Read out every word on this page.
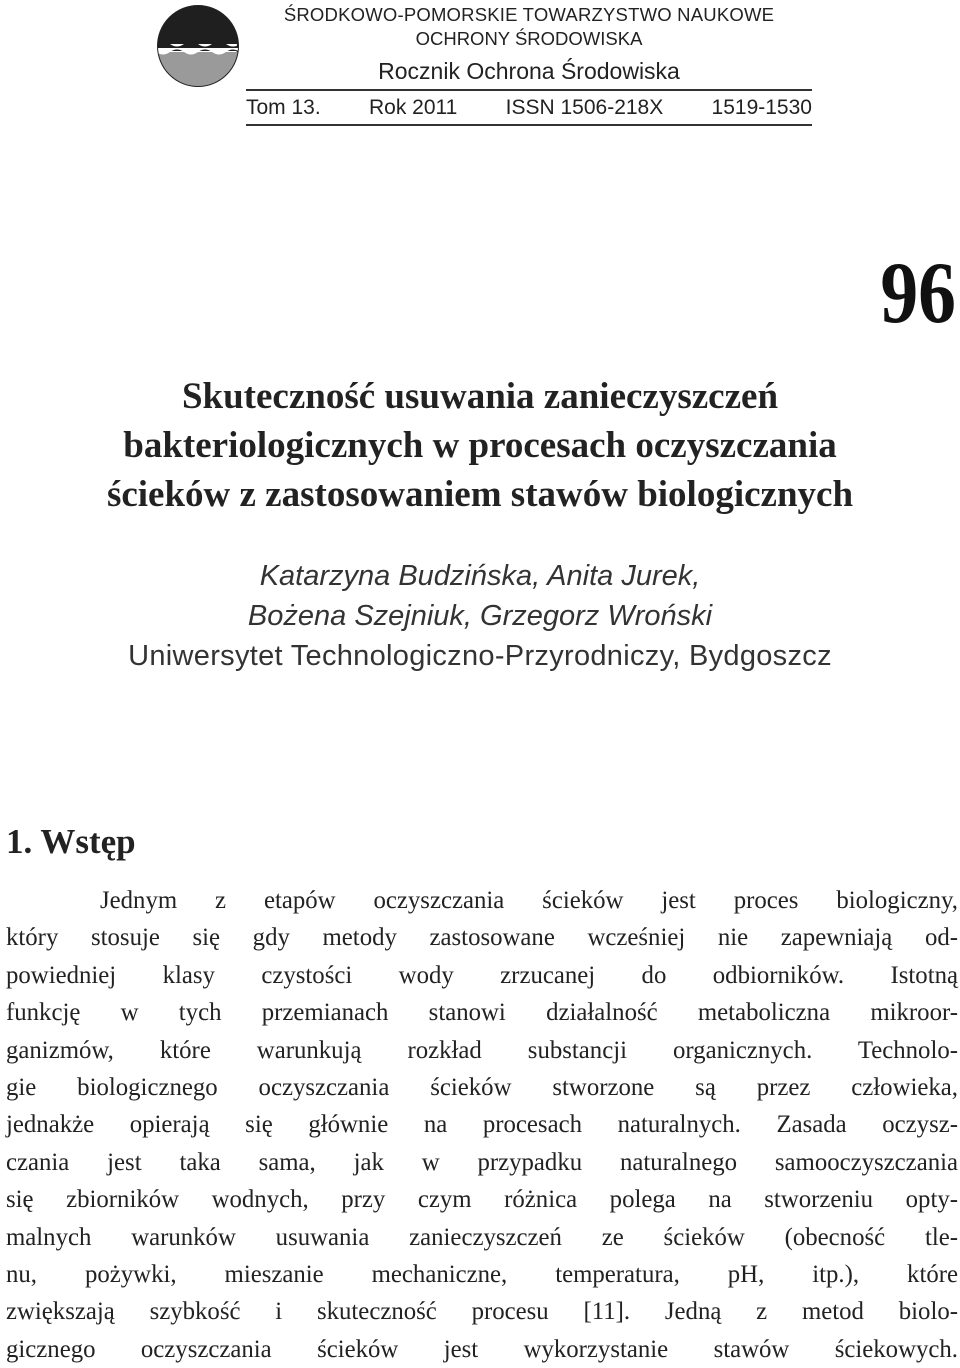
ŚRODKOWO-POMORSKIE TOWARZYSTWO NAUKOWE
OCHRONY ŚRODOWISKA
Rocznik Ochrona Środowiska
Tom 13. Rok 2011 ISSN 1506-218X 1519-1530
96
Skuteczność usuwania zanieczyszczeń
bakteriologicznych w procesach oczyszczania
ścieków z zastosowaniem stawów biologicznych
Katarzyna Budzińska, Anita Jurek,
Bożena Szejniuk, Grzegorz Wroński
Uniwersytet Technologiczno-Przyrodniczy, Bydgoszcz
1. Wstęp
Jednym z etapów oczyszczania ścieków jest proces biologiczny,
który stosuje się gdy metody zastosowane wcześniej nie zapewniają od-
powiedniej klasy czystości wody zrzucanej do odbiorników. Istotną
funkcję w tych przemianach stanowi działalność metaboliczna mikroor-
ganizmów, które warunkują rozkład substancji organicznych. Technolo-
gie biologicznego oczyszczania ścieków stworzone są przez człowieka,
jednakże opierają się głównie na procesach naturalnych. Zasada oczysz-
czania jest taka sama, jak w przypadku naturalnego samooczyszczania
się zbiorników wodnych, przy czym różnica polega na stworzeniu opty-
malnych warunków usuwania zanieczyszczeń ze ścieków (obecność tle-
nu, pożywki, mieszanie mechaniczne, temperatura, pH, itp.), które
zwiększają szybkość i skuteczność procesu [11]. Jedną z metod biolo-
gicznego oczyszczania ścieków jest wykorzystanie stawów ściekowych.
